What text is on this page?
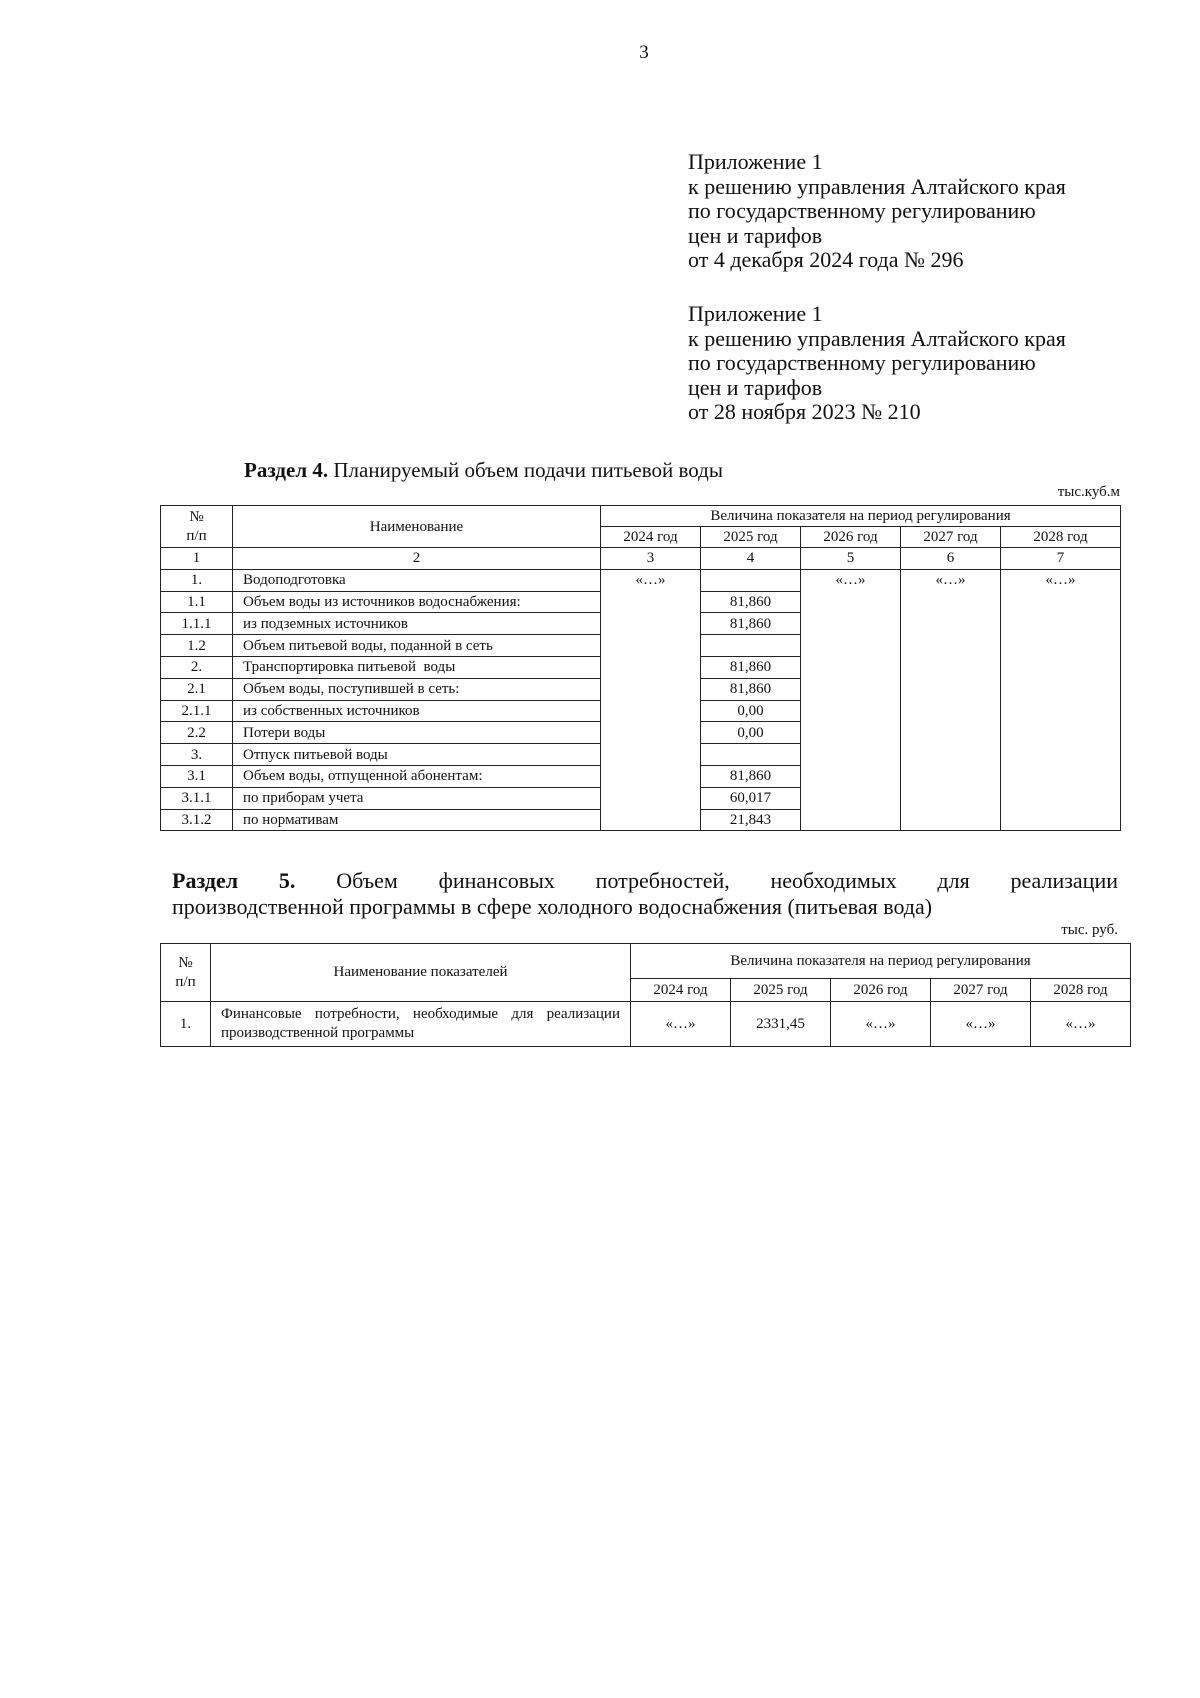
3
Приложение 1
к решению управления Алтайского края
по государственному регулированию
цен и тарифов
от 4 декабря 2024 года № 296
Приложение 1
к решению управления Алтайского края
по государственному регулированию
цен и тарифов
от 28 ноября 2023 № 210
Раздел 4. Планируемый объем подачи питьевой воды
тыс.куб.м
№
п/п	Наименование	Величина показателя на период регулирования				
		2024 год	2025 год	2026 год	2027 год	2028 год
1	2	3	4	5	6	7
1.	Водоподготовка	«…»		«…»	«…»	«…»
1.1	Объем воды из источников водоснабжения:		81,860			
1.1.1	из подземных источников		81,860			
1.2	Объем питьевой воды, поданной в сеть					
2.	Транспортировка питьевой  воды		81,860			
2.1	Объем воды, поступившей в сеть:		81,860			
2.1.1	из собственных источников		0,00			
2.2	Потери воды		0,00			
3.	Отпуск питьевой воды					
3.1	Объем воды, отпущенной абонентам:		81,860			
3.1.1	по приборам учета		60,017			
3.1.2	по нормативам		21,843			
Раздел 5. Объем финансовых потребностей, необходимых для реализации
производственной программы в сфере холодного водоснабжения (питьевая вода)
тыс. руб.
№
п/п	Наименование показателей	Величина показателя на период регулирования				
		2024 год	2025 год	2026 год	2027 год	2028 год
1.	Финансовые потребности, необходимые для реализации производственной программы	«…»	2331,45	«…»	«…»	«…»
